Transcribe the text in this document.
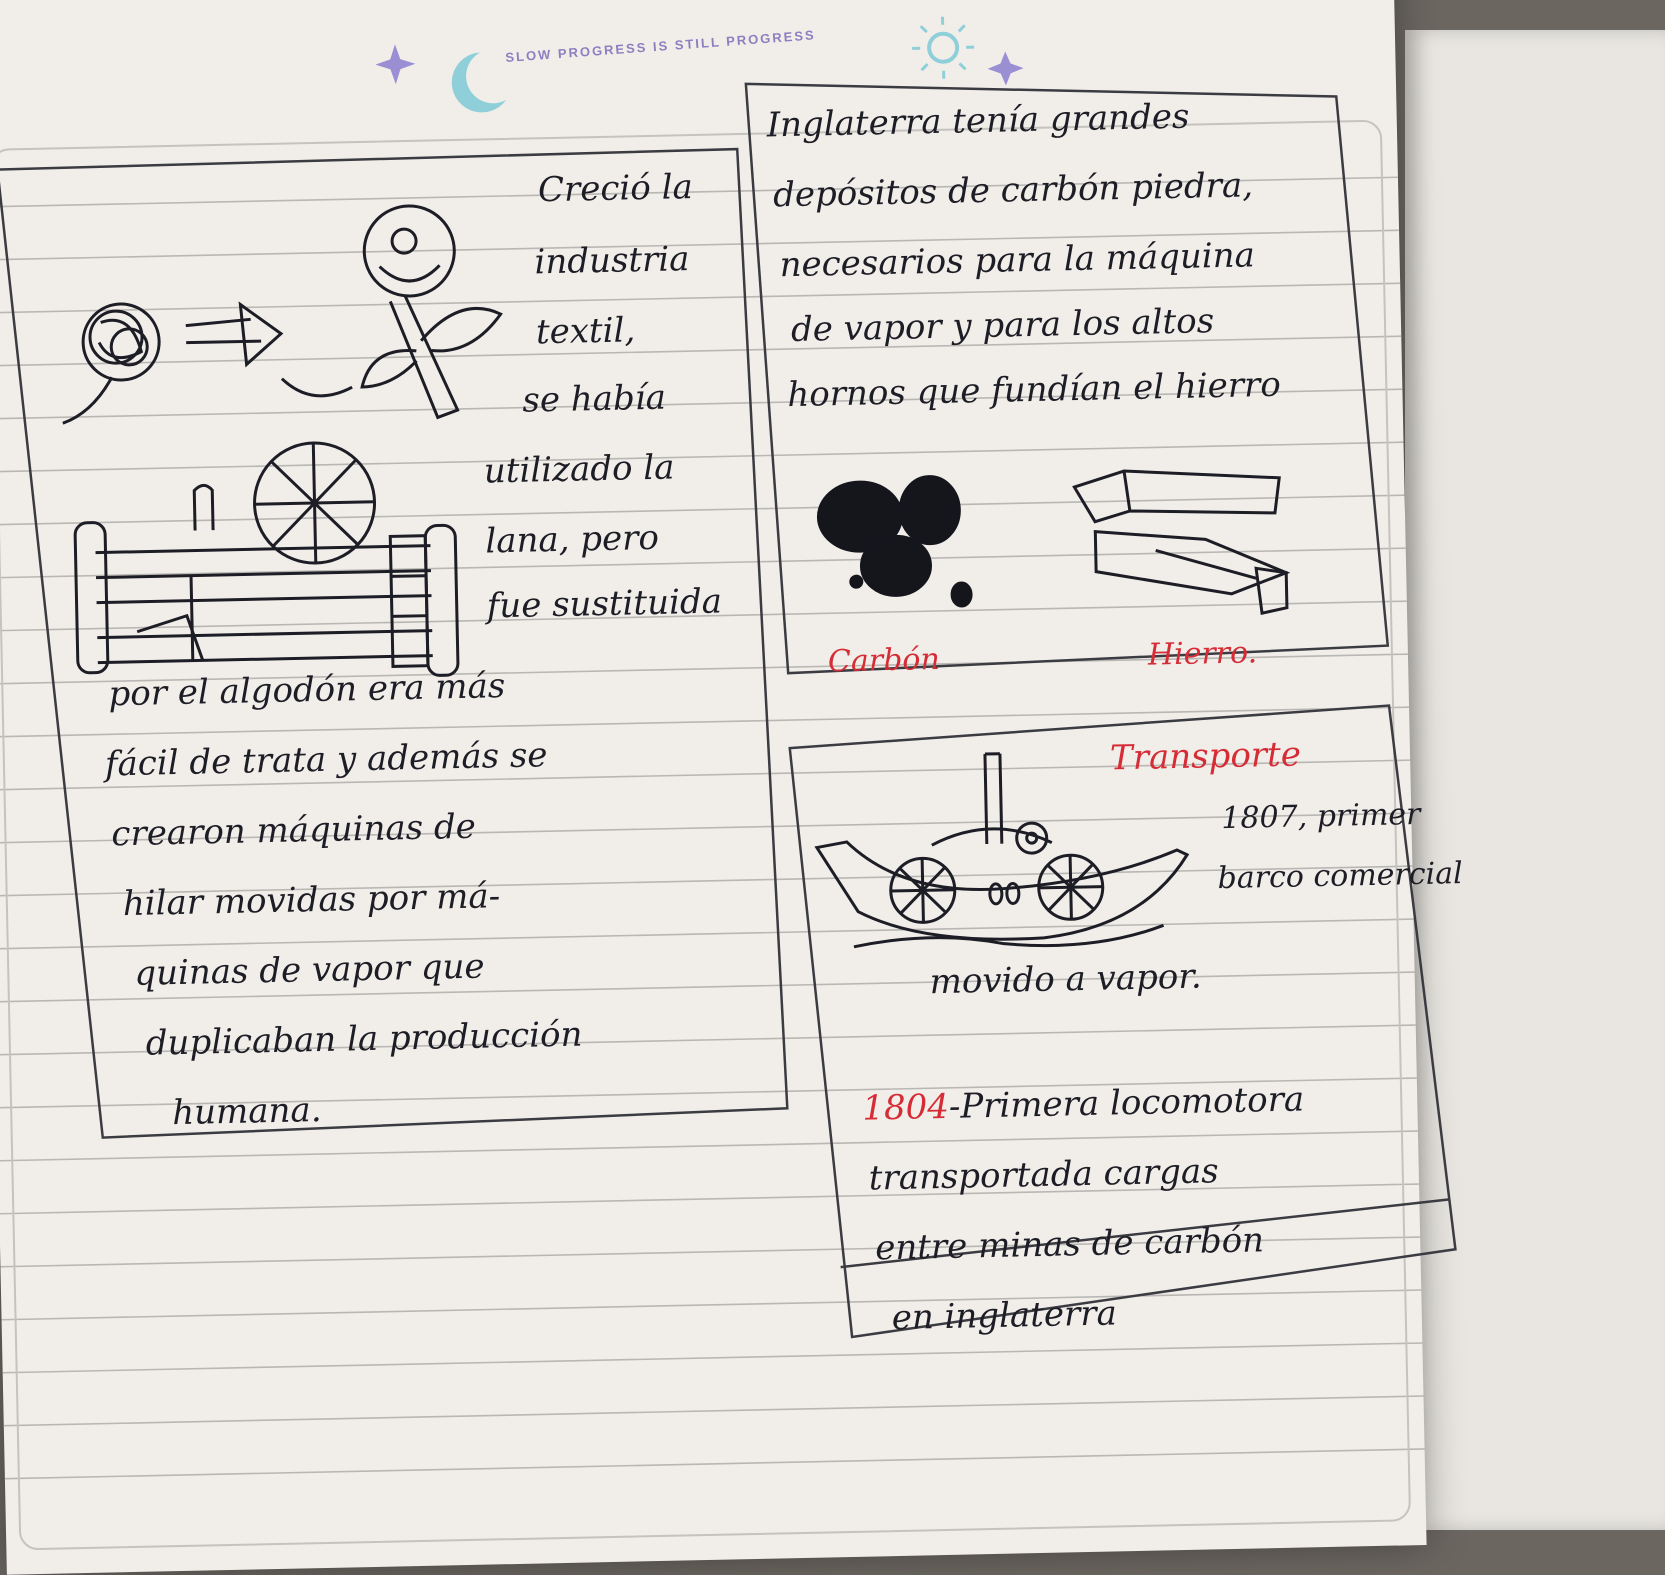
SLOW PROGRESS IS STILL PROGRESS

Creció la

industria

textil,

se había

utilizado la

lana, pero

fue sustituida

por el algodón era más

fácil de trata y además se

crearon máquinas de

hilar movidas por má-

quinas de vapor que

duplicaban la producción

humana.

Inglaterra tenía grandes

depósitos de carbón piedra,

necesarios para la máquina

de vapor y para los altos

hornos que fundían el hierro

Carbón	Hierro.

Transporte

1807, primer

barco comercial

movido a vapor.

1804-Primera locomotora

transportada cargas

entre minas de carbón

en inglaterra
